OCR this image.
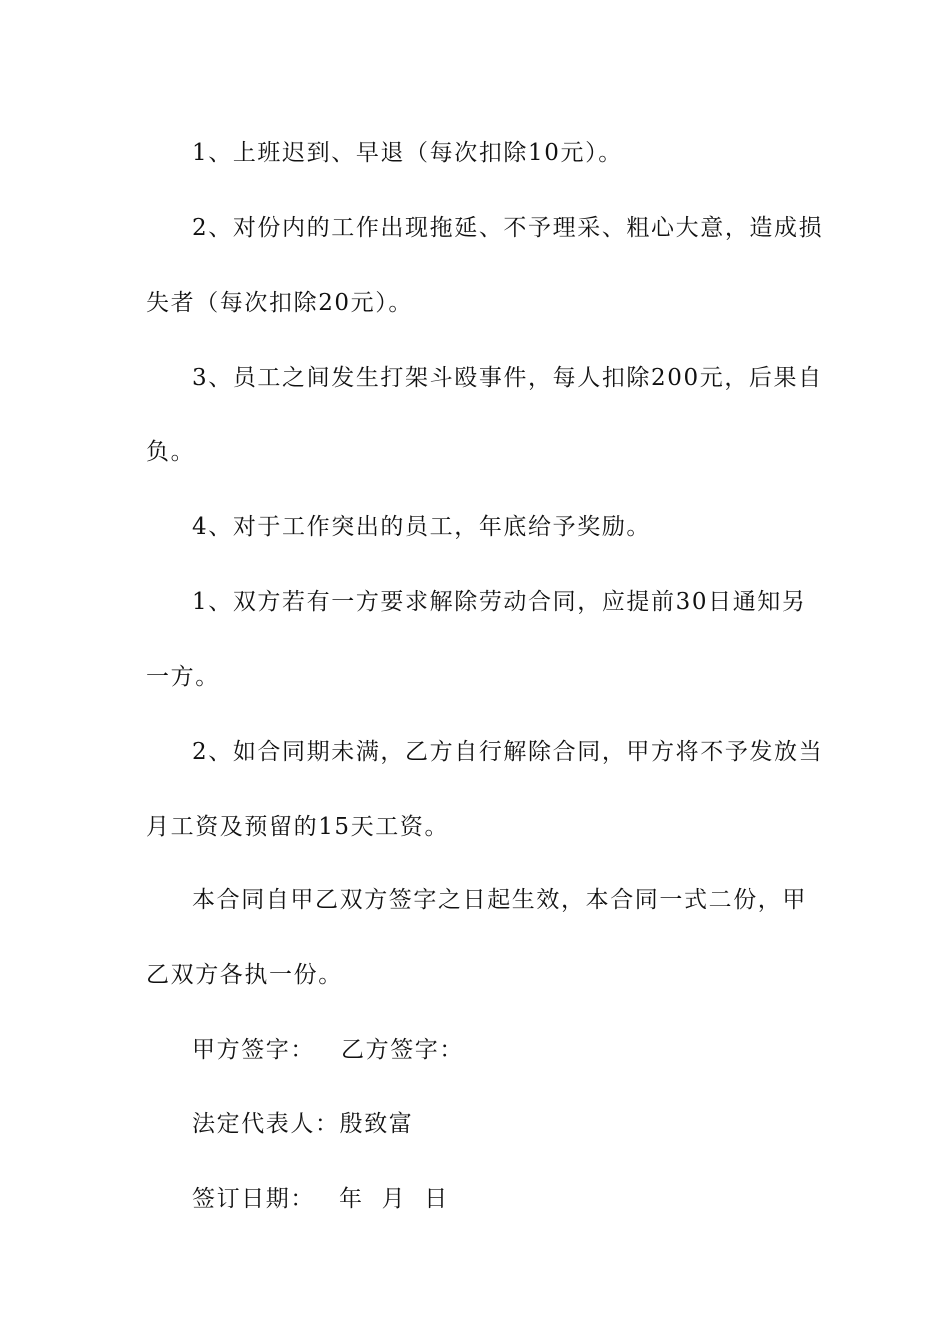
1、上班迟到、早退（每次扣除10元）。
2、对份内的工作出现拖延、不予理采、粗心大意，造成损
失者（每次扣除20元）。
3、员工之间发生打架斗殴事件，每人扣除200元，后果自
负。
4、对于工作突出的员工，年底给予奖励。
1、双方若有一方要求解除劳动合同，应提前30日通知另
一方。
2、如合同期未满，乙方自行解除合同，甲方将不予发放当
月工资及预留的15天工资。
本合同自甲乙双方签字之日起生效，本合同一式二份，甲
乙双方各执一份。
甲方签字： 乙方签字：
法定代表人：殷致富
签订日期： 年 月 日
